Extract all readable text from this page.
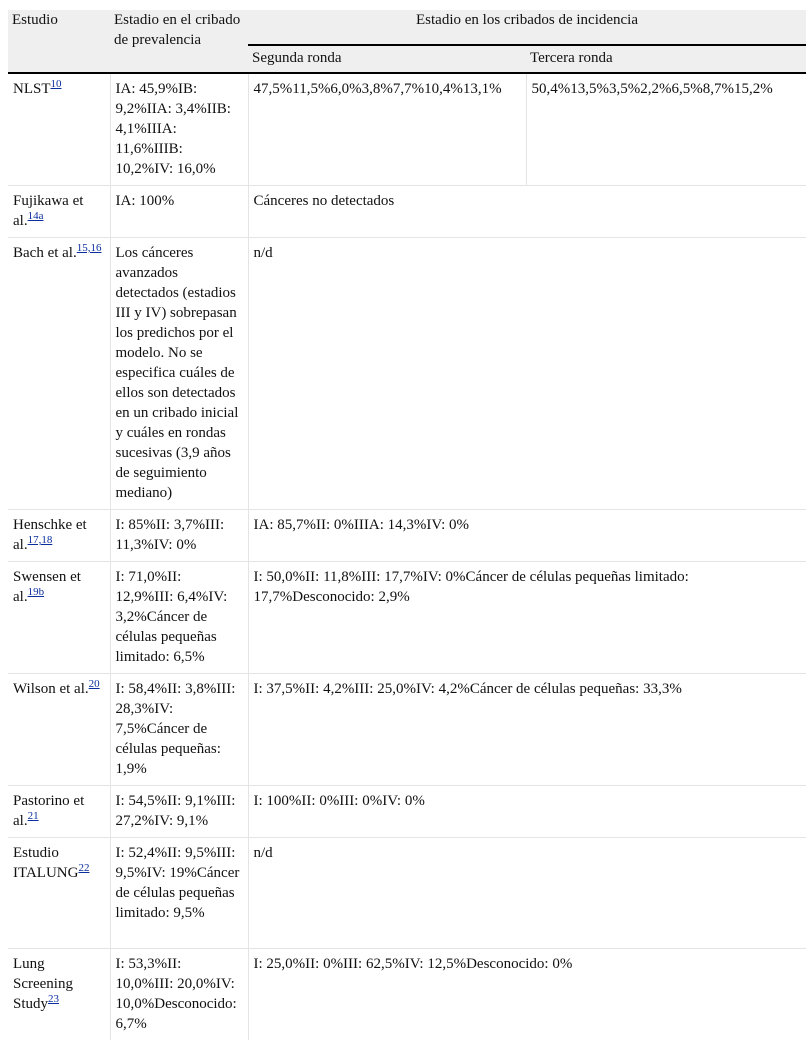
Estudio	Estadio en el cribado de prevalencia	Estadio en los cribados de incidencia	
		Segunda ronda	Tercera ronda
NLST$^{10}$	IA: 45,9%IB: 9,2%IIA: 3,4%IIB: 4,1%IIIA: 11,6%IIIB: 10,2%IV: 16,0%	47,5%11,5%6,0%3,8%7,7%10,4%13,1%	50,4%13,5%3,5%2,2%6,5%8,7%15,2%
Fujikawa et al.$^{14a}$	IA: 100%	Cánceres no detectados	
Bach et al.$^{15,16}$	Los cánceres avanzados detectados (estadios III y IV) sobrepasan los predichos por el modelo. No se especifica cuáles de ellos son detectados en un cribado inicial y cuáles en rondas sucesivas (3,9 años de seguimiento mediano)	n/d	
Henschke et al.$^{17,18}$	I: 85%II: 3,7%III: 11,3%IV: 0%	IA: 85,7%II: 0%IIIA: 14,3%IV: 0%	
Swensen et al.$^{19b}$	I: 71,0%II: 12,9%III: 6,4%IV: 3,2%Cáncer de células pequeñas limitado: 6,5%	I: 50,0%II: 11,8%III: 17,7%IV: 0%Cáncer de células pequeñas limitado: 17,7%Desconocido: 2,9%	
Wilson et al.$^{20}$	I: 58,4%II: 3,8%III: 28,3%IV: 7,5%Cáncer de células pequeñas: 1,9%	I: 37,5%II: 4,2%III: 25,0%IV: 4,2%Cáncer de células pequeñas: 33,3%	
Pastorino et al.$^{21}$	I: 54,5%II: 9,1%III: 27,2%IV: 9,1%	I: 100%II: 0%III: 0%IV: 0%	
Estudio ITALUNG$^{22}$	I: 52,4%II: 9,5%III: 9,5%IV: 19%Cáncer de células pequeñas limitado: 9,5%	n/d	
Lung Screening Study$^{23}$	I: 53,3%II: 10,0%III: 20,0%IV: 10,0%Desconocido: 6,7%	I: 25,0%II: 0%III: 62,5%IV: 12,5%Desconocido: 0%	
